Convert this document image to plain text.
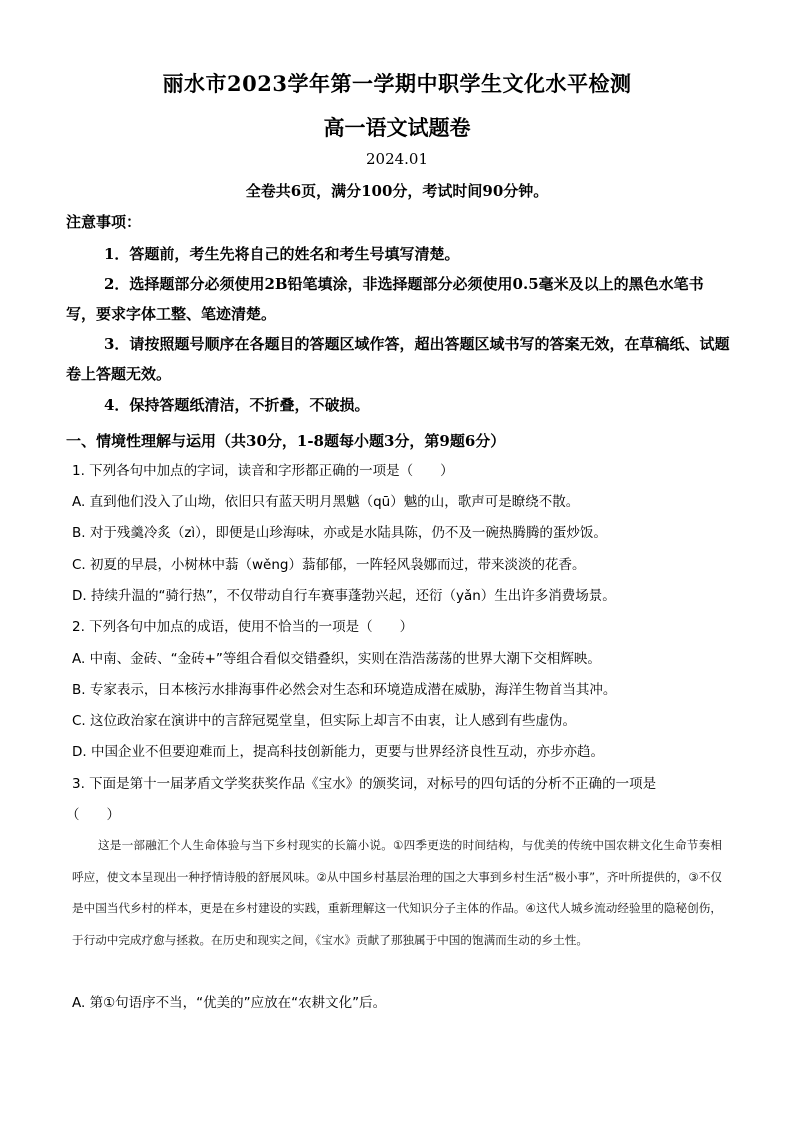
丽水市2023学年第一学期中职学生文化水平检测
高一语文试题卷
2024.01
全卷共6页，满分100分，考试时间90分钟。
注意事项：
1．答题前，考生先将自己的姓名和考生号填写清楚。
2．选择题部分必须使用2B铅笔填涂，非选择题部分必须使用0.5毫米及以上的黑色水笔书写，要求字体工整、笔迹清楚。
3．请按照题号顺序在各题目的答题区域作答，超出答题区域书写的答案无效，在草稿纸、试题卷上答题无效。
4．保持答题纸清洁，不折叠，不破损。
一、情境性理解与运用（共30分，1-8题每小题3分，第9题6分）
1. 下列各句中加点的字词，读音和字形都正确的一项是（　　）
A. 直到他们没入了山坳，依旧只有蓝天明月黑魆（qū）魆的山，歌声可是瞭绕不散。
B. 对于残羹冷炙（zì），即便是山珍海味，亦或是水陆具陈，仍不及一碗热腾腾的蛋炒饭。
C. 初夏的早晨，小树林中蓊（wěng）蓊郁郁，一阵轻风袅娜而过，带来淡淡的花香。
D. 持续升温的“骑行热”，不仅带动自行车赛事蓬勃兴起，还衍（yǎn）生出许多消费场景。
2. 下列各句中加点的成语，使用不恰当的一项是（　　）
A. 中南、金砖、“金砖+”等组合看似交错叠织，实则在浩浩荡荡的世界大潮下交相辉映。
B. 专家表示，日本核污水排海事件必然会对生态和环境造成潜在威胁，海洋生物首当其冲。
C. 这位政治家在演讲中的言辞冠冕堂皇，但实际上却言不由衷，让人感到有些虚伪。
D. 中国企业不但要迎难而上，提高科技创新能力，更要与世界经济良性互动，亦步亦趋。
3. 下面是第十一届茅盾文学奖获奖作品《宝水》的颁奖词，对标号的四句话的分析不正确的一项是
（　　）
这是一部融汇个人生命体验与当下乡村现实的长篇小说。①四季更迭的时间结构，与优美的传统中国农耕文化生命节奏相呼应，使文本呈现出一种抒情诗般的舒展风味。②从中国乡村基层治理的国之大事到乡村生活“极小事”，齐叶所提供的，③不仅是中国当代乡村的样本，更是在乡村建设的实践，重新理解这一代知识分子主体的作品。④这代人城乡流动经验里的隐秘创伤，于行动中完成疗愈与拯救。在历史和现实之间，《宝水》贡献了那独属于中国的饱满而生动的乡土性。
A. 第①句语序不当，“优美的”应放在“农耕文化”后。
